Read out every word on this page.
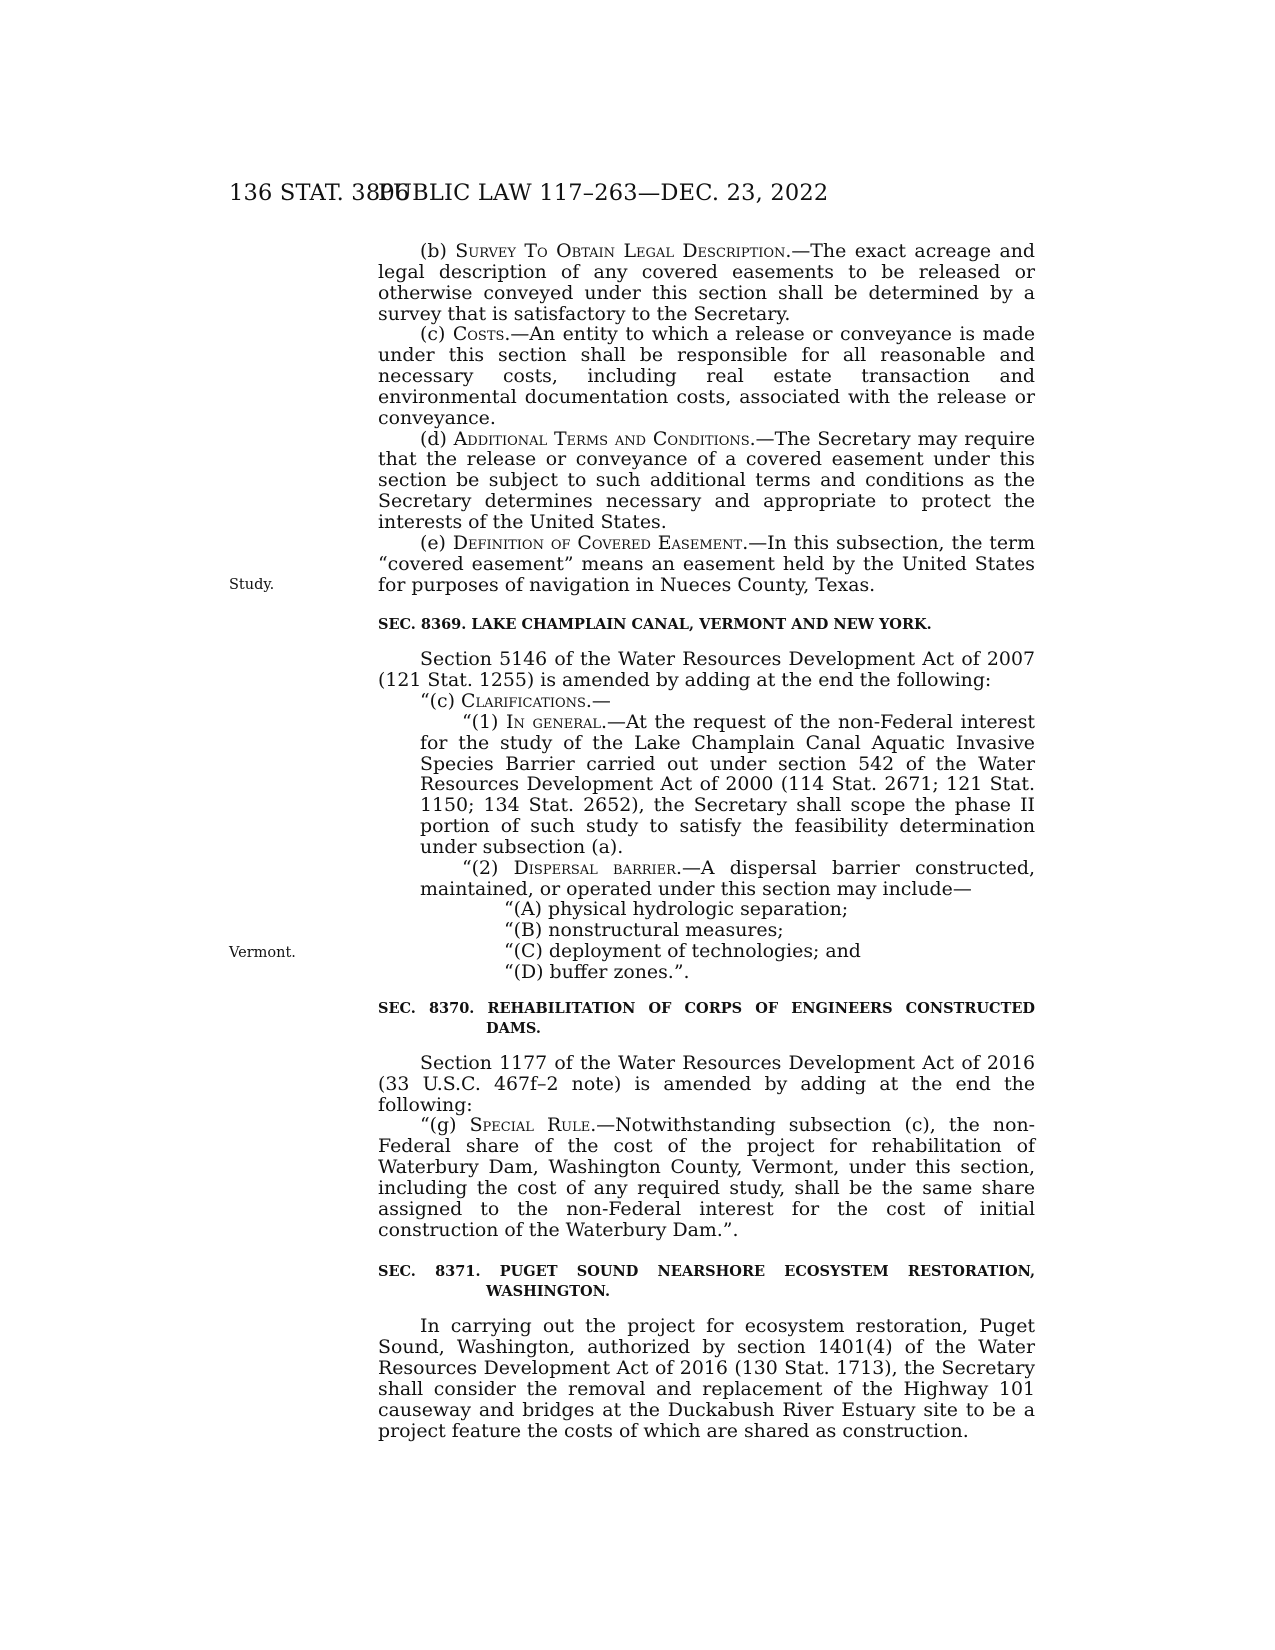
136 STAT. 3806
PUBLIC LAW 117–263—DEC. 23, 2022
Study.
Vermont.

(b) Survey To Obtain Legal Description.—The exact acreage and legal description of any covered easements to be released or otherwise conveyed under this section shall be determined by a survey that is satisfactory to the Secretary.

(c) Costs.—An entity to which a release or conveyance is made under this section shall be responsible for all reasonable and necessary costs, including real estate transaction and environmental documentation costs, associated with the release or conveyance.

(d) Additional Terms and Conditions.—The Secretary may require that the release or conveyance of a covered easement under this section be subject to such additional terms and conditions as the Secretary determines necessary and appropriate to protect the interests of the United States.

(e) Definition of Covered Easement.—In this subsection, the term “covered easement” means an easement held by the United States for purposes of navigation in Nueces County, Texas.

SEC. 8369. LAKE CHAMPLAIN CANAL, VERMONT AND NEW YORK.

Section 5146 of the Water Resources Development Act of 2007 (121 Stat. 1255) is amended by adding at the end the following:

“(c) Clarifications.—

“(1) In general.—At the request of the non-Federal interest for the study of the Lake Champlain Canal Aquatic Invasive Species Barrier carried out under section 542 of the Water Resources Development Act of 2000 (114 Stat. 2671; 121 Stat. 1150; 134 Stat. 2652), the Secretary shall scope the phase II portion of such study to satisfy the feasibility determination under subsection (a).

“(2) Dispersal barrier.—A dispersal barrier constructed, maintained, or operated under this section may include—

“(A) physical hydrologic separation;

“(B) nonstructural measures;

“(C) deployment of technologies; and

“(D) buffer zones.”.

SEC. 8370. REHABILITATION OF CORPS OF ENGINEERS CONSTRUCTED DAMS.

Section 1177 of the Water Resources Development Act of 2016 (33 U.S.C. 467f–2 note) is amended by adding at the end the following:

“(g) Special Rule.—Notwithstanding subsection (c), the non-Federal share of the cost of the project for rehabilitation of Waterbury Dam, Washington County, Vermont, under this section, including the cost of any required study, shall be the same share assigned to the non-Federal interest for the cost of initial construction of the Waterbury Dam.”.

SEC. 8371. PUGET SOUND NEARSHORE ECOSYSTEM RESTORATION, WASHINGTON.

In carrying out the project for ecosystem restoration, Puget Sound, Washington, authorized by section 1401(4) of the Water Resources Development Act of 2016 (130 Stat. 1713), the Secretary shall consider the removal and replacement of the Highway 101 causeway and bridges at the Duckabush River Estuary site to be a project feature the costs of which are shared as construction.
